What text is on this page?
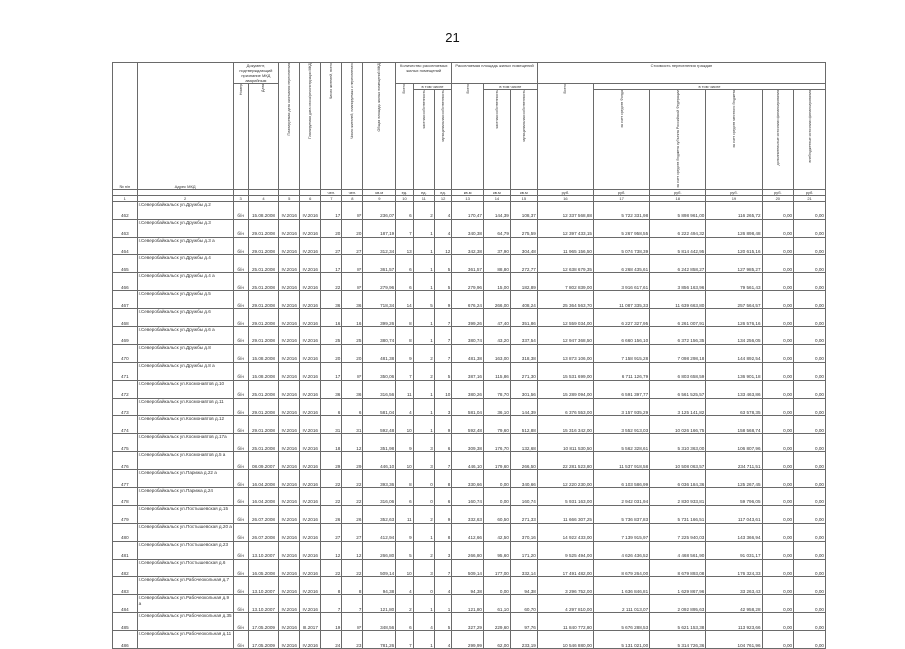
21
№ п/п	Адрес МКД	Документ, подтверждающий признание МКД аварийным		Планируемая дата окончания переселения	Планируемая дата сноса/реконструкции МКД	Число жителей, всего	Число жителей, планируемых к переселению	Общая площадь жилых помещений МКД	Количество расселяемых жилых помещений			Расселяемая площадь жилых помещений			Стоимость переселения граждан					
		Номер	Дата						Всего	в том числе		Всего	в том числе		Всего	в том числе				
										частная собственность	муниципальная собственность		частная собственность	муниципальная собственность		за счет средств Фонда	за счет средств бюджета субъекта Российской Федерации	за счет средств местного бюджета	дополнительные источники финансирования	внебюджетные источники финансирования
						чел.	чел.	кв.м	ед.	ед.	ед.	кв.м	кв.м	кв.м	руб.	руб.	руб.	руб.	руб.	руб.
1	2	3	4	5	6	7	8	9	10	11	12	13	14	15	16	17	18	19	20	21
462	г.Северобайкальск ул.Дружбы д.2	б/н	15.08.2008	IV.2016	IV.2016	17	8*	236,07	6	2	4	170,47	144,39	108,37	12 337 568,88	5 722 331,98	5 898 961,00	116 265,72	0,00	0,00
463	г.Северобайкальск ул.Дружбы д.3	б/н	29.01.2008	IV.2016	IV.2016	20	20	187,19	7	1	4	340,38	64,79	275,59	12 397 433,15	5 267 958,55	6 222 494,32	126 898,48	0,00	0,00
464	г.Северобайкальск ул.Дружбы д.3 а	б/н	29.01.2008	IV.2016	IV.2016	27	27	312,34	13	1	12	342,38	37,90	304,48	11 965 156,50	5 074 738,39	5 814 442,95	120 615,16	0,00	0,00
465	г.Северобайкальск ул.Дружбы д.4	б/н	25.01.2008	IV.2016	IV.2016	17	8*	361,57	6	1	5	361,57	88,80	272,77	12 638 679,35	6 268 435,61	6 242 858,27	127 985,27	0,00	0,00
466	г.Северобайкальск ул.Дружбы д.4 а	б/н	25.01.2008	IV.2016	IV.2016	22	8*	279,96	6	1	5	279,96	15,00	182,89	7 802 839,00	3 916 617,61	3 856 163,96	79 561,43	0,00	0,00
467	г.Северобайкальск ул.Дружбы д.5	б/н	29.01.2008	IV.2016	IV.2016	36	36	718,34	14	5	9	676,24	266,00	408,24	25 364 563,70	11 087 335,33	11 639 663,80	257 564,57	0,00	0,00
468	г.Северобайкальск ул.Дружбы д.6	б/н	29.01.2008	IV.2016	IV.2016	16	16	399,26	8	1	7	399,26	47,40	351,86	12 559 034,00	6 227 327,95	6 261 007,91	126 576,16	0,00	0,00
469	г.Северобайкальск ул.Дружбы д.6 а	б/н	29.01.2008	IV.2016	IV.2016	25	25	380,74	8	1	7	380,74	43,20	337,54	12 947 368,50	6 660 156,10	6 372 156,35	134 256,05	0,00	0,00
470	г.Северобайкальск ул.Дружбы д.8	б/н	15.08.2008	IV.2016	IV.2016	20	20	481,38	9	2	7	481,38	163,00	318,38	13 873 106,00	7 158 915,28	7 098 298,18	144 892,54	0,00	0,00
471	г.Северобайкальск ул.Дружбы д.8 а	б/н	15.08.2008	IV.2016	IV.2016	17	8*	350,06	7	2	5	387,16	115,86	271,30	15 531 699,00	6 711 126,79	6 803 658,59	136 901,18	0,00	0,00
472	г.Северобайкальск ул.Космонавтов д.10	б/н	25.01.2008	IV.2016	IV.2016	36	36	316,56	11	1	10	380,26	78,70	301,56	15 289 094,00	6 591 397,77	6 561 525,57	133 463,86	0,00	0,00
473	г.Северобайкальск ул.Космонавтов д.11	б/н	29.01.2008	IV.2016	IV.2016	6	6	581,04	4	1	3	581,04	36,10	144,39	6 376 553,00	3 157 935,29	3 125 141,82	63 578,35	0,00	0,00
474	г.Северобайкальск ул.Космонавтов д.12	б/н	29.01.2008	IV.2016	IV.2016	31	31	592,48	10	1	9	592,48	79,60	512,88	15 316 342,00	3 552 913,03	10 026 166,75	158 568,74	0,00	0,00
475	г.Северобайкальск ул.Космонавтов д.17а	б/н	25.01.2008	IV.2016	IV.2016	18	12	351,98	9	3	6	309,38	176,70	132,68	10 811 530,50	5 562 328,61	5 310 363,00	106 807,96	0,00	0,00
476	г.Северобайкальск ул.Космонавтов д.5 а	б/н	08.09.2007	IV.2016	IV.2016	29	29	446,10	10	3	7	446,10	179,60	266,50	22 281 523,80	11 537 918,58	10 508 063,57	234 711,51	0,00	0,00
477	г.Северобайкальск ул.Парижа д.22 а	б/н	16.04.2008	IV.2016	IV.2016	22	22	393,36	8	0	8	330,66	0,00	340,66	12 220 230,00	6 103 586,99	6 036 184,36	125 267,45	0,00	0,00
478	г.Северобайкальск ул.Парижа д.24	б/н	16.04.2008	IV.2016	IV.2016	22	22	316,06	6	0	6	160,74	0,00	160,74	5 931 163,00	2 942 031,94	2 830 933,81	59 796,05	0,00	0,00
479	г.Северобайкальск ул.Постышевская д.15	б/н	26.07.2008	IV.2016	IV.2016	26	26	352,63	11	2	9	332,63	60,50	271,33	11 666 307,25	5 736 837,83	5 731 166,51	117 043,61	0,00	0,00
480	г.Северобайкальск ул.Постышевская д.20 а	б/н	26.07.2008	IV.2016	IV.2016	27	27	412,94	9	1	8	412,66	42,50	370,16	14 922 433,00	7 139 915,97	7 225 940,03	143 366,94	0,00	0,00
481	г.Северобайкальск ул.Постышевская д.23	б/н	13.10.2007	IV.2016	IV.2016	12	12	266,80	5	2	3	266,80	95,60	171,20	9 525 494,00	4 626 436,52	4 468 561,90	91 031,17	0,00	0,00
482	г.Северобайкальск ул.Постышевская д.6	б/н	16.05.2008	IV.2016	IV.2016	22	22	509,14	10	3	7	509,14	177,00	332,14	17 491 482,00	8 679 264,00	8 679 893,08	176 324,33	0,00	0,00
483	г.Северобайкальск ул.Рабочеокольная д.7	б/н	13.10.2007	IV.2016	IV.2016	8	8	94,38	4	0	4	94,38	0,00	94,38	3 296 752,00	1 636 846,81	1 629 867,96	33 263,43	0,00	0,00
484	г.Северобайкальск ул.Рабочеокольная д.9 а	б/н	13.10.2007	IV.2016	IV.2016	7	7	121,80	2	1	1	121,80	61,10	60,70	4 297 810,00	2 111 013,07	2 092 895,63	42 958,28	0,00	0,00
485	г.Северобайкальск ул.Рабочеокольная д.35	б/н	17.05.2009	IV.2016	III.2017	19	8*	348,56	6	4	5	327,29	229,60	97,76	11 840 772,80	5 676 288,53	5 621 153,38	113 923,66	0,00	0,00
486	г.Северобайкальск ул.Рабочеокольная д.11	б/н	17.05.2009	IV.2016	IV.2016	24	23	781,26	7	1	4	299,99	62,00	233,19	10 546 880,00	5 131 021,00	5 314 726,36	104 761,96	0,00	0,00
